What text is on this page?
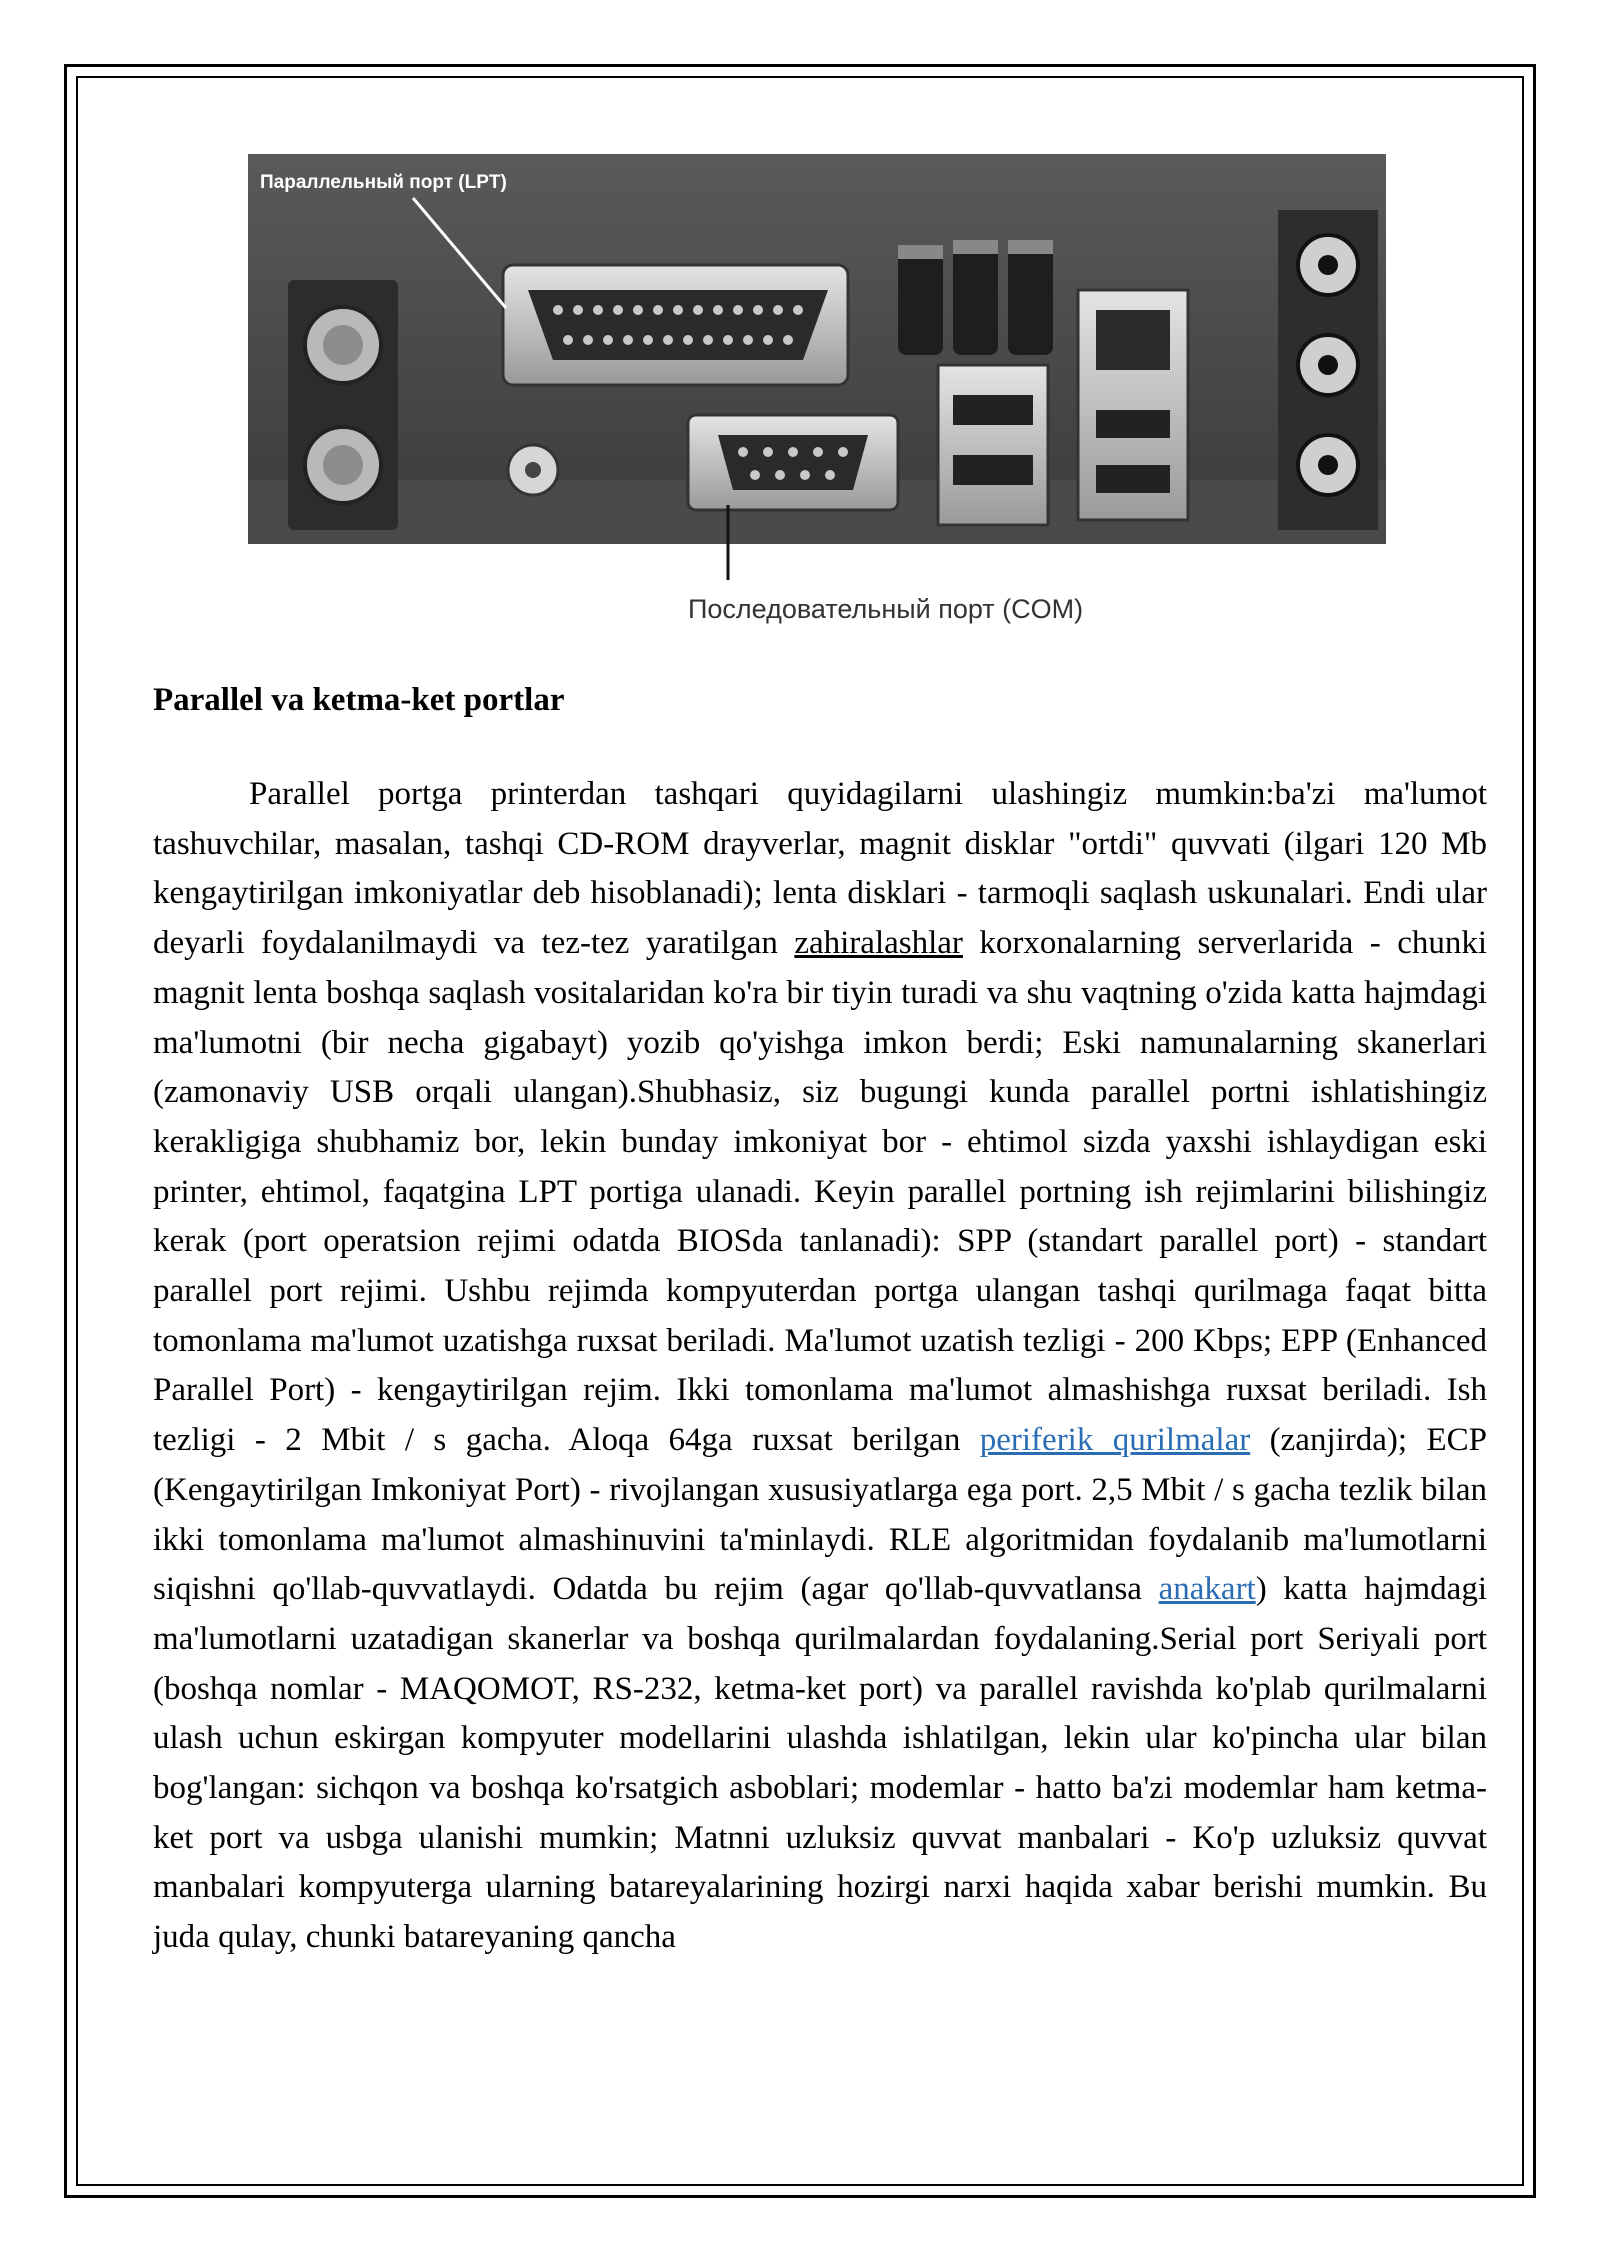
Параллельный порт (LPT)
Последовательный порт (COM)
Parallel va ketma-ket portlar

Parallel portga printerdan tashqari quyidagilarni ulashingiz mumkin:ba'zi ma'lumot tashuvchilar, masalan, tashqi CD-ROM drayverlar, magnit disklar "ortdi" quvvati (ilgari 120 Mb kengaytirilgan imkoniyatlar deb hisoblanadi); lenta disklari - tarmoqli saqlash uskunalari. Endi ular deyarli foydalanilmaydi va tez-tez yaratilgan zahiralashlar korxonalarning serverlarida - chunki magnit lenta boshqa saqlash vositalaridan ko'ra bir tiyin turadi va shu vaqtning o'zida katta hajmdagi ma'lumotni (bir necha gigabayt) yozib qo'yishga imkon berdi; Eski namunalarning skanerlari (zamonaviy USB orqali ulangan).Shubhasiz, siz bugungi kunda parallel portni ishlatishingiz kerakligiga shubhamiz bor, lekin bunday imkoniyat bor - ehtimol sizda yaxshi ishlaydigan eski printer, ehtimol, faqatgina LPT portiga ulanadi. Keyin parallel portning ish rejimlarini bilishingiz kerak (port operatsion rejimi odatda BIOSda tanlanadi): SPP (standart parallel port) - standart parallel port rejimi. Ushbu rejimda kompyuterdan portga ulangan tashqi qurilmaga faqat bitta tomonlama ma'lumot uzatishga ruxsat beriladi. Ma'lumot uzatish tezligi - 200 Kbps; EPP (Enhanced Parallel Port) - kengaytirilgan rejim. Ikki tomonlama ma'lumot almashishga ruxsat beriladi. Ish tezligi - 2 Mbit / s gacha. Aloqa 64ga ruxsat berilgan periferik qurilmalar (zanjirda); ECP (Kengaytirilgan Imkoniyat Port) - rivojlangan xususiyatlarga ega port. 2,5 Mbit / s gacha tezlik bilan ikki tomonlama ma'lumot almashinuvini ta'minlaydi. RLE algoritmidan foydalanib ma'lumotlarni siqishni qo'llab-quvvatlaydi. Odatda bu rejim (agar qo'llab-quvvatlansa anakart) katta hajmdagi ma'lumotlarni uzatadigan skanerlar va boshqa qurilmalardan foydalaning.Serial port Seriyali port (boshqa nomlar - MAQOMOT, RS-232, ketma-ket port) va parallel ravishda ko'plab qurilmalarni ulash uchun eskirgan kompyuter modellarini ulashda ishlatilgan, lekin ular ko'pincha ular bilan bog'langan: sichqon va boshqa ko'rsatgich asboblari; modemlar - hatto ba'zi modemlar ham ketma-ket port va usbga ulanishi mumkin; Matnni uzluksiz quvvat manbalari - Ko'p uzluksiz quvvat manbalari kompyuterga ularning batareyalarining hozirgi narxi haqida xabar berishi mumkin. Bu juda qulay, chunki batareyaning qancha
